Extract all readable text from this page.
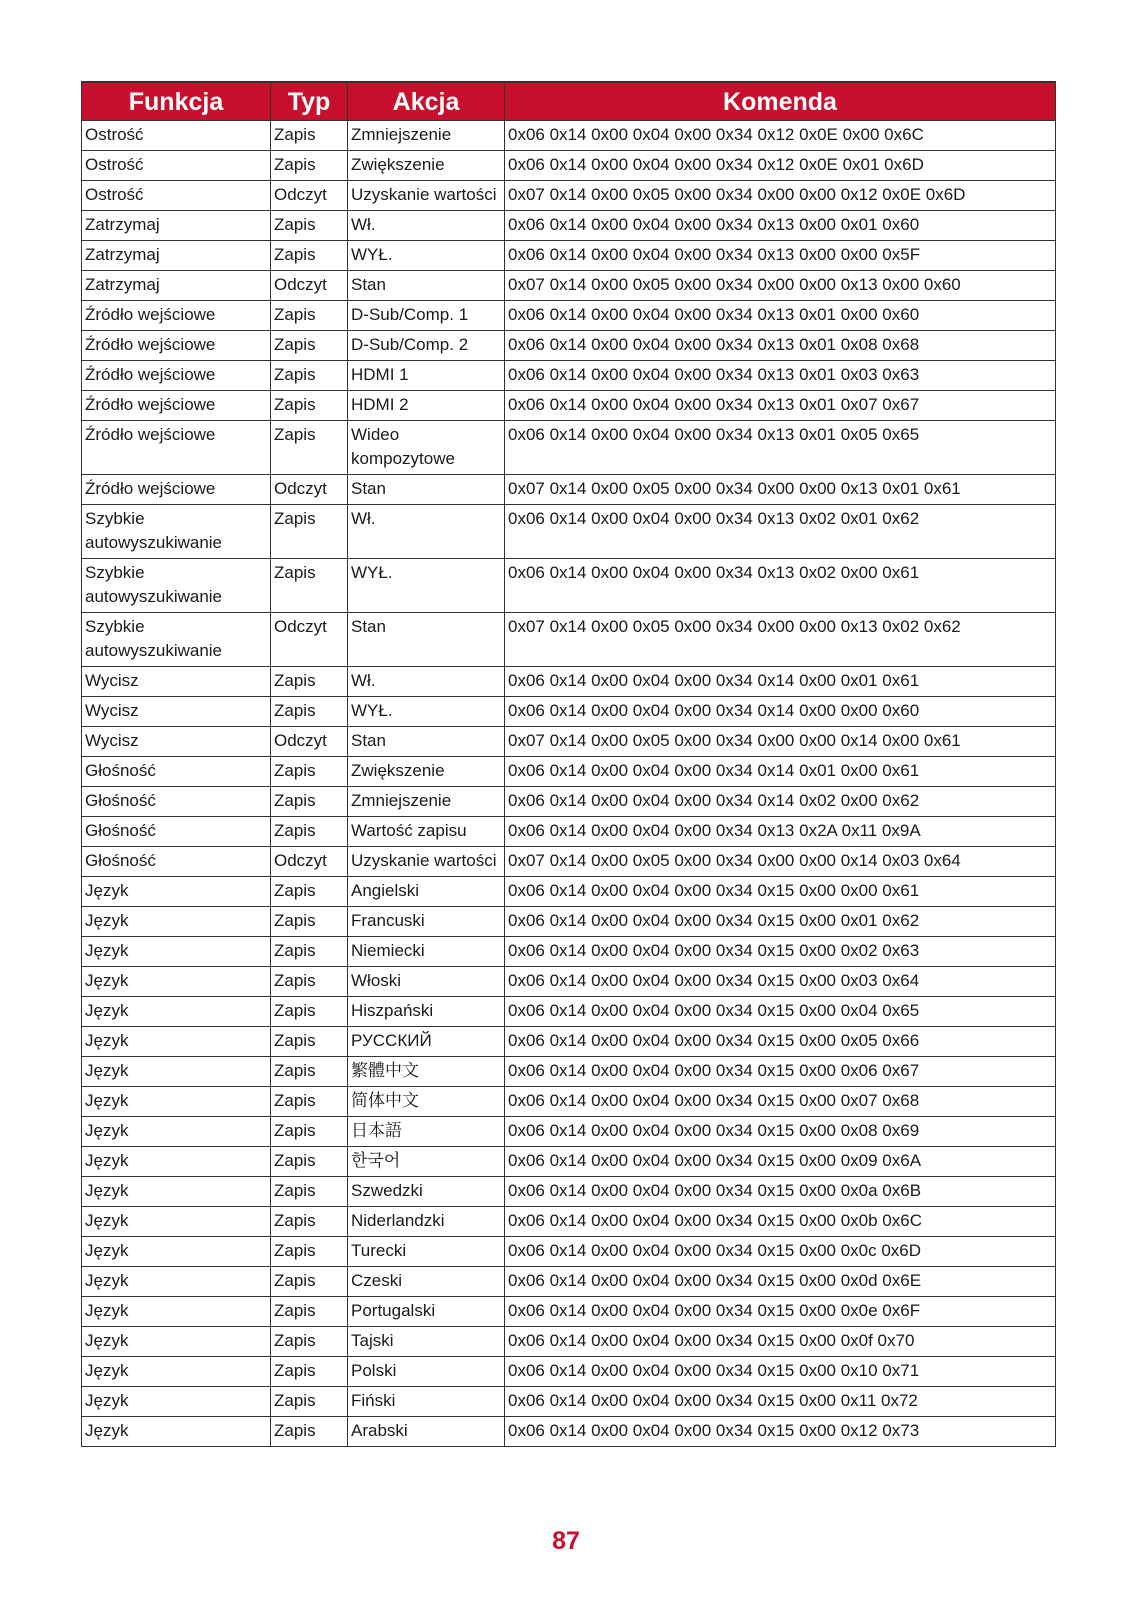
Funkcja	Typ	Akcja	Komenda
Ostrość	Zapis	Zmniejszenie	0x06 0x14 0x00 0x04 0x00 0x34 0x12 0x0E 0x00 0x6C
Ostrość	Zapis	Zwiększenie	0x06 0x14 0x00 0x04 0x00 0x34 0x12 0x0E 0x01 0x6D
Ostrość	Odczyt	Uzyskanie wartości	0x07 0x14 0x00 0x05 0x00 0x34 0x00 0x00 0x12 0x0E 0x6D
Zatrzymaj	Zapis	Wł.	0x06 0x14 0x00 0x04 0x00 0x34 0x13 0x00 0x01 0x60
Zatrzymaj	Zapis	WYŁ.	0x06 0x14 0x00 0x04 0x00 0x34 0x13 0x00 0x00 0x5F
Zatrzymaj	Odczyt	Stan	0x07 0x14 0x00 0x05 0x00 0x34 0x00 0x00 0x13 0x00 0x60
Źródło wejściowe	Zapis	D-Sub/Comp. 1	0x06 0x14 0x00 0x04 0x00 0x34 0x13 0x01 0x00 0x60
Źródło wejściowe	Zapis	D-Sub/Comp. 2	0x06 0x14 0x00 0x04 0x00 0x34 0x13 0x01 0x08 0x68
Źródło wejściowe	Zapis	HDMI 1	0x06 0x14 0x00 0x04 0x00 0x34 0x13 0x01 0x03 0x63
Źródło wejściowe	Zapis	HDMI 2	0x06 0x14 0x00 0x04 0x00 0x34 0x13 0x01 0x07 0x67
Źródło wejściowe	Zapis	Wideo kompozytowe	0x06 0x14 0x00 0x04 0x00 0x34 0x13 0x01 0x05 0x65
Źródło wejściowe	Odczyt	Stan	0x07 0x14 0x00 0x05 0x00 0x34 0x00 0x00 0x13 0x01 0x61
Szybkie autowyszukiwanie	Zapis	Wł.	0x06 0x14 0x00 0x04 0x00 0x34 0x13 0x02 0x01 0x62
Szybkie autowyszukiwanie	Zapis	WYŁ.	0x06 0x14 0x00 0x04 0x00 0x34 0x13 0x02 0x00 0x61
Szybkie autowyszukiwanie	Odczyt	Stan	0x07 0x14 0x00 0x05 0x00 0x34 0x00 0x00 0x13 0x02 0x62
Wycisz	Zapis	Wł.	0x06 0x14 0x00 0x04 0x00 0x34 0x14 0x00 0x01 0x61
Wycisz	Zapis	WYŁ.	0x06 0x14 0x00 0x04 0x00 0x34 0x14 0x00 0x00 0x60
Wycisz	Odczyt	Stan	0x07 0x14 0x00 0x05 0x00 0x34 0x00 0x00 0x14 0x00 0x61
Głośność	Zapis	Zwiększenie	0x06 0x14 0x00 0x04 0x00 0x34 0x14 0x01 0x00 0x61
Głośność	Zapis	Zmniejszenie	0x06 0x14 0x00 0x04 0x00 0x34 0x14 0x02 0x00 0x62
Głośność	Zapis	Wartość zapisu	0x06 0x14 0x00 0x04 0x00 0x34 0x13 0x2A 0x11 0x9A
Głośność	Odczyt	Uzyskanie wartości	0x07 0x14 0x00 0x05 0x00 0x34 0x00 0x00 0x14 0x03 0x64
Język	Zapis	Angielski	0x06 0x14 0x00 0x04 0x00 0x34 0x15 0x00 0x00 0x61
Język	Zapis	Francuski	0x06 0x14 0x00 0x04 0x00 0x34 0x15 0x00 0x01 0x62
Język	Zapis	Niemiecki	0x06 0x14 0x00 0x04 0x00 0x34 0x15 0x00 0x02 0x63
Język	Zapis	Włoski	0x06 0x14 0x00 0x04 0x00 0x34 0x15 0x00 0x03 0x64
Język	Zapis	Hiszpański	0x06 0x14 0x00 0x04 0x00 0x34 0x15 0x00 0x04 0x65
Język	Zapis	РУССКИЙ	0x06 0x14 0x00 0x04 0x00 0x34 0x15 0x00 0x05 0x66
Język	Zapis	繁體中文	0x06 0x14 0x00 0x04 0x00 0x34 0x15 0x00 0x06 0x67
Język	Zapis	简体中文	0x06 0x14 0x00 0x04 0x00 0x34 0x15 0x00 0x07 0x68
Język	Zapis	日本語	0x06 0x14 0x00 0x04 0x00 0x34 0x15 0x00 0x08 0x69
Język	Zapis	한국어	0x06 0x14 0x00 0x04 0x00 0x34 0x15 0x00 0x09 0x6A
Język	Zapis	Szwedzki	0x06 0x14 0x00 0x04 0x00 0x34 0x15 0x00 0x0a 0x6B
Język	Zapis	Niderlandzki	0x06 0x14 0x00 0x04 0x00 0x34 0x15 0x00 0x0b 0x6C
Język	Zapis	Turecki	0x06 0x14 0x00 0x04 0x00 0x34 0x15 0x00 0x0c 0x6D
Język	Zapis	Czeski	0x06 0x14 0x00 0x04 0x00 0x34 0x15 0x00 0x0d 0x6E
Język	Zapis	Portugalski	0x06 0x14 0x00 0x04 0x00 0x34 0x15 0x00 0x0e 0x6F
Język	Zapis	Tajski	0x06 0x14 0x00 0x04 0x00 0x34 0x15 0x00 0x0f 0x70
Język	Zapis	Polski	0x06 0x14 0x00 0x04 0x00 0x34 0x15 0x00 0x10 0x71
Język	Zapis	Fiński	0x06 0x14 0x00 0x04 0x00 0x34 0x15 0x00 0x11 0x72
Język	Zapis	Arabski	0x06 0x14 0x00 0x04 0x00 0x34 0x15 0x00 0x12 0x73
87
